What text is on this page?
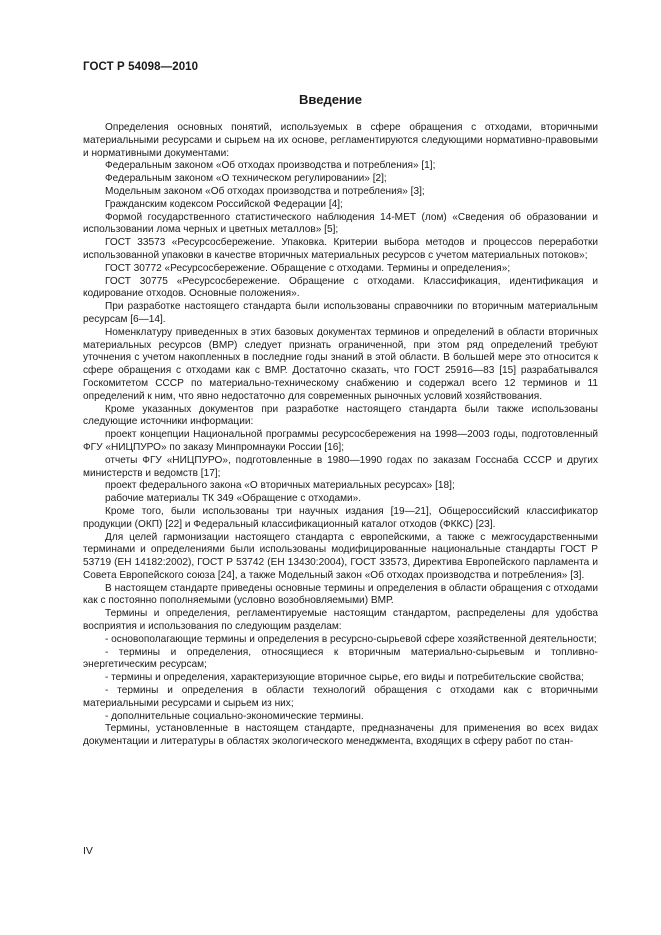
ГОСТ Р 54098—2010
Введение

Определения основных понятий, используемых в сфере обращения с отходами, вторичными материальными ресурсами и сырьем на их основе, регламентируются следующими нормативно-правовыми и нормативными документами:

Федеральным законом «Об отходах производства и потребления» [1];

Федеральным законом «О техническом регулировании» [2];

Модельным законом «Об отходах производства и потребления» [3];

Гражданским кодексом Российской Федерации [4];

Формой государственного статистического наблюдения 14-МЕТ (лом) «Сведения об образовании и использовании лома черных и цветных металлов» [5];

ГОСТ 33573 «Ресурсосбережение. Упаковка. Критерии выбора методов и процессов переработки использованной упаковки в качестве вторичных материальных ресурсов с учетом материальных потоков»;

ГОСТ 30772 «Ресурсосбережение. Обращение с отходами. Термины и определения»;

ГОСТ 30775 «Ресурсосбережение. Обращение с отходами. Классификация, идентификация и кодирование отходов. Основные положения».

При разработке настоящего стандарта были использованы справочники по вторичным материальным ресурсам [6—14].

Номенклатуру приведенных в этих базовых документах терминов и определений в области вторичных материальных ресурсов (ВМР) следует признать ограниченной, при этом ряд определений требуют уточнения с учетом накопленных в последние годы знаний в этой области. В большей мере это относится к сфере обращения с отходами как с ВМР. Достаточно сказать, что ГОСТ 25916—83 [15] разрабатывался Госкомитетом СССР по материально-техническому снабжению и содержал всего 12 терминов и 11 определений к ним, что явно недостаточно для современных рыночных условий хозяйствования.

Кроме указанных документов при разработке настоящего стандарта были также использованы следующие источники информации:

проект концепции Национальной программы ресурсосбережения на 1998—2003 годы, подготовленный ФГУ «НИЦПУРО» по заказу Минпромнауки России [16];

отчеты ФГУ «НИЦПУРО», подготовленные в 1980—1990 годах по заказам Госснаба СССР и других министерств и ведомств [17];

проект федерального закона «О вторичных материальных ресурсах» [18];

рабочие материалы ТК 349 «Обращение с отходами».

Кроме того, были использованы три научных издания [19—21], Общероссийский классификатор продукции (ОКП) [22] и Федеральный классификационный каталог отходов (ФККС) [23].

Для целей гармонизации настоящего стандарта с европейскими, а также с межгосударственными терминами и определениями были использованы модифицированные национальные стандарты ГОСТ Р 53719 (ЕН 14182:2002), ГОСТ Р 53742 (ЕН 13430:2004), ГОСТ 33573, Директива Европейского парламента и Совета Европейского союза [24], а также Модельный закон «Об отходах производства и потребления» [3].

В настоящем стандарте приведены основные термины и определения в области обращения с отходами как с постоянно пополняемыми (условно возобновляемыми) ВМР.

Термины и определения, регламентируемые настоящим стандартом, распределены для удобства восприятия и использования по следующим разделам:

- основополагающие термины и определения в ресурсно-сырьевой сфере хозяйственной деятельности;

- термины и определения, относящиеся к вторичным материально-сырьевым и топливно-энергетическим ресурсам;

- термины и определения, характеризующие вторичное сырье, его виды и потребительские свойства;

- термины и определения в области технологий обращения с отходами как с вторичными материальными ресурсами и сырьем из них;

- дополнительные социально-экономические термины.

Термины, установленные в настоящем стандарте, предназначены для применения во всех видах документации и литературы в областях экологического менеджмента, входящих в сферу работ по стан-

IV
